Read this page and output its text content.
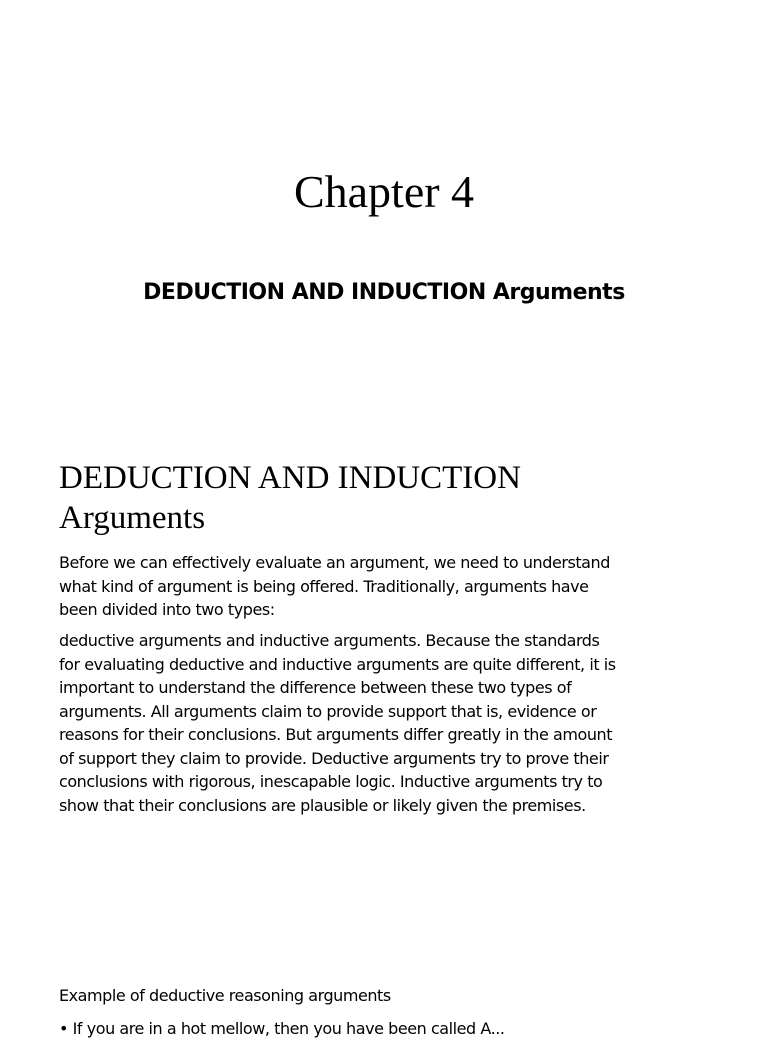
Chapter 4
DEDUCTION AND INDUCTION Arguments
DEDUCTION AND INDUCTION
Arguments

Before we can effectively evaluate an argument, we need to understand
what kind of argument is being offered. Traditionally, arguments have
been divided into two types:

deductive arguments and inductive arguments. Because the standards
for evaluating deductive and inductive arguments are quite different, it is
important to understand the difference between these two types of
arguments. All arguments claim to provide support that is, evidence or
reasons for their conclusions. But arguments differ greatly in the amount
of support they claim to provide. Deductive arguments try to prove their
conclusions with rigorous, inescapable logic. Inductive arguments try to
show that their conclusions are plausible or likely given the premises.

Example of deductive reasoning arguments

• If you are in a hot mellow, then you have been called A...
